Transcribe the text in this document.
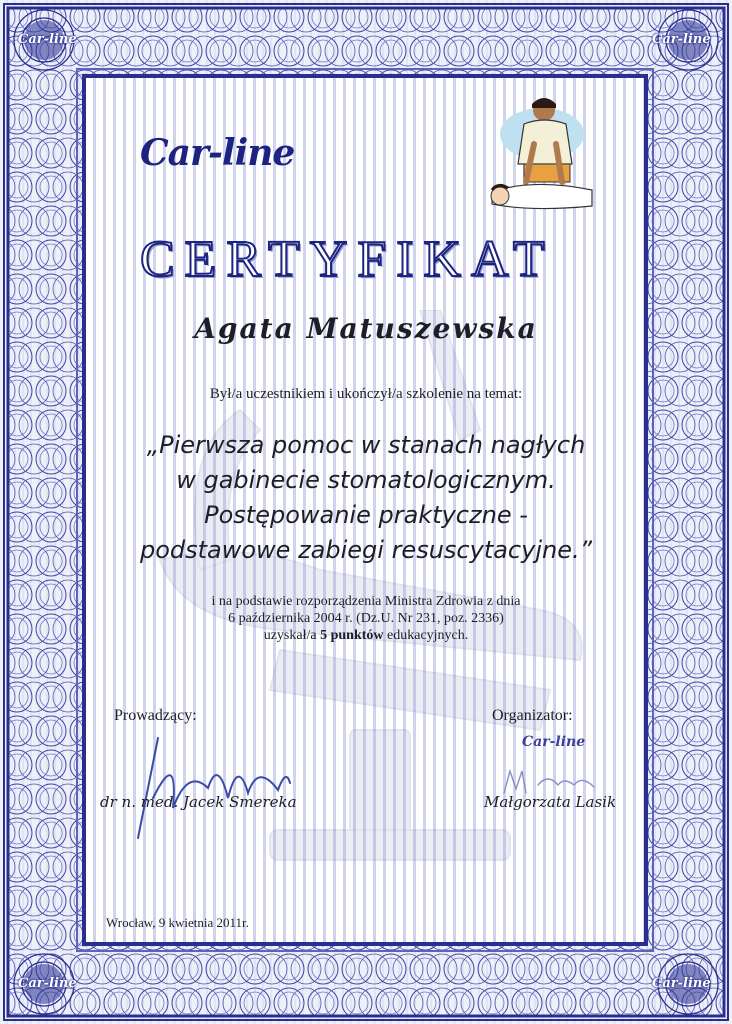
Car-line	Car-line
Car-line	Car-line
Car-line
CERTYFIKAT
Agata Matuszewska
Był/a uczestnikiem i ukończył/a szkolenie na temat:
„Pierwsza pomoc w stanach nagłych
w gabinecie stomatologicznym.
Postępowanie praktyczne -
podstawowe zabiegi resuscytacyjne.”
i na podstawie rozporządzenia Ministra Zdrowia z dnia
6 października 2004 r. (Dz.U. Nr 231, poz. 2336)
uzyskał/a 5 punktów edukacyjnych.
Prowadzący:	Organizator:
Car-line
dr n. med. Jacek Smereka	Małgorzata Lasik
Wrocław, 9 kwietnia 2011r.
